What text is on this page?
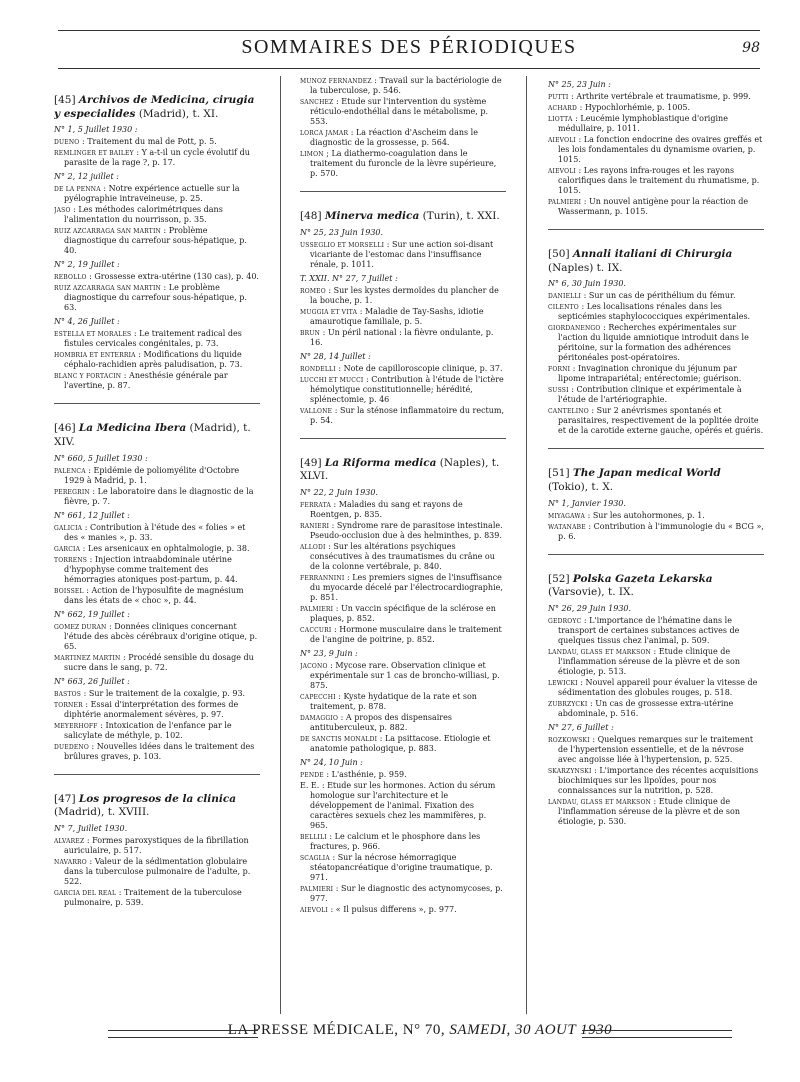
SOMMAIRES DES PÉRIODIQUES	98
[45] Archivos de Medicina, cirugia y especialides (Madrid), t. XI.
N° 1, 5 Juillet 1930 :
DUENO : Traitement du mal de Pott, p. 5.
REMLINGER ET BAILEY : Y a-t-il un cycle évolutif du parasite de la rage ?, p. 17.
N° 2, 12 juillet :
DE LA PENNA : Notre expérience actuelle sur la pyélographie intraveineuse, p. 25.
JASO : Les méthodes calorimétriques dans l'alimentation du nourrisson, p. 35.
RUIZ AZCARRAGA SAN MARTIN : Problème diagnostique du carrefour sous-hépatique, p. 40.
N° 2, 19 Juillet :
REBOLLO : Grossesse extra-utérine (130 cas), p. 40.
RUIZ AZCARRAGA SAN MARTIN : Le problème diagnostique du carrefour sous-hépatique, p. 63.
N° 4, 26 Juillet :
ESTELLA ET MORALES : Le traitement radical des fistules cervicales congénitales, p. 73.
HOMBRIA ET ENTERRIA : Modifications du liquide céphalo-rachidien après paludisation, p. 73.
BLANC Y FORTACIN : Anesthésie générale par l'avertine, p. 87.
[46] La Medicina Ibera (Madrid), t. XIV.
N° 660, 5 Juillet 1930 :
PALENCA : Epidémie de poliomyélite d'Octobre 1929 à Madrid, p. 1.
PEREGRIN : Le laboratoire dans le diagnostic de la fièvre, p. 7.
N° 661, 12 Juillet :
GALICIA : Contribution à l'étude des « folies » et des « manies », p. 33.
GARCIA : Les arsenicaux en ophtalmologie, p. 38.
TORRENS : Injection intraabdominale utérine d'hypophyse comme traitement des hémorragies atoniques post-partum, p. 44.
BOISSEL : Action de l'hyposulfite de magnésium dans les états de « choc », p. 44.
N° 662, 19 Juillet :
GOMEZ DURAN : Données cliniques concernant l'étude des abcès cérébraux d'origine otique, p. 65.
MARTINEZ MARTIN : Procédé sensible du dosage du sucre dans le sang, p. 72.
N° 663, 26 Juillet :
BASTOS : Sur le traitement de la coxalgie, p. 93.
TORNER : Essai d'interprétation des formes de diphtérie anormalement sévères, p. 97.
MEYERHOFF : Intoxication de l'enfance par le salicylate de méthyle, p. 102.
DUEDENO : Nouvelles idées dans le traitement des brûlures graves, p. 103.
[47] Los progresos de la clinica (Madrid), t. XVIII.
N° 7, Juillet 1930.
ALVAREZ : Formes paroxystiques de la fibrillation auriculaire, p. 517.
NAVARRO : Valeur de la sédimentation globulaire dans la tuberculose pulmonaire de l'adulte, p. 522.
GARCIA DEL REAL : Traitement de la tuberculose pulmonaire, p. 539.
MUNOZ FERNANDEZ : Travail sur la bactériologie de la tuberculose, p. 546.
SANCHEZ : Etude sur l'intervention du système réticulo-endothélial dans le métabolisme, p. 553.
LORCA JAMAR : La réaction d'Ascheim dans le diagnostic de la grossesse, p. 564.
LIMON ; La diathermo-coagulation dans le traitement du furoncle de la lèvre supérieure, p. 570.
[48] Minerva medica (Turin), t. XXI.
N° 25, 23 Juin 1930.
USSEGLIO ET MORSELLI : Sur une action soi-disant vicariante de l'estomac dans l'insuffisance rénale, p. 1011.
T. XXII. N° 27, 7 Juillet :
ROMEO : Sur les kystes dermoïdes du plancher de la bouche, p. 1.
MUGGIA ET VITA : Maladie de Tay-Sashs, idiotie amaurotique familiale, p. 5.
BRUN : Un péril national : la fièvre ondulante, p. 16.
N° 28, 14 Juillet :
RONDELLI : Note de capilloroscopie clinique, p. 37.
LUCCHI ET MUCCI : Contribution à l'étude de l'ictère hémolytique constitutionnelle; hérédité, splénectomie, p. 46
VALLONE : Sur la sténose inflammatoire du rectum, p. 54.
[49] La Riforma medica (Naples), t. XLVI.
N° 22, 2 Juin 1930.
FERRATA : Maladies du sang et rayons de Roentgen, p. 835.
RANIERI : Syndrome rare de parasitose intestinale. Pseudo-occlusion due à des helminthes, p. 839.
ALLODI : Sur les altérations psychiques consécutives à des traumatismes du crâne ou de la colonne vertébrale, p. 840.
FERRANNINI : Les premiers signes de l'insuffisance du myocarde décelé par l'électrocardiographie, p. 851.
PALMIERI : Un vaccin spécifique de la sclérose en plaques, p. 852.
CACCURI : Hormone musculaire dans le traitement de l'angine de poitrine, p. 852.
N° 23, 9 Juin :
JACONO : Mycose rare. Observation clinique et expérimentale sur 1 cas de broncho-williasi, p. 875.
CAPECCHI : Kyste hydatique de la rate et son traitement, p. 878.
DAMAGGIO : A propos des dispensaires antituberculeux, p. 882.
DE SANCTIS MONALDI : La psittacose. Etiologie et anatomie pathologique, p. 883.
N° 24, 10 Juin :
PENDE : L'asthénie, p. 959.
E. E. : Etude sur les hormones. Action du sérum homologue sur l'architecture et le développement de l'animal. Fixation des caractères sexuels chez les mammifères, p. 965.
BELLILI : Le calcium et le phosphore dans les fractures, p. 966.
SCAGLIA : Sur la nécrose hémorragique stéatopancréatique d'origine traumatique, p. 971.
PALMIERI : Sur le diagnostic des actynomycoses, p. 977.
AIEVOLI : « Il pulsus differens », p. 977.
N° 25, 23 Juin :
PUTTI : Arthrite vertébrale et traumatisme, p. 999.
ACHARD : Hypochlorhémie, p. 1005.
LIOTTA : Leucémie lymphoblastique d'origine médullaire, p. 1011.
AIEVOLI : La fonction endocrine des ovaires greffés et les lois fondamentales du dynamisme ovarien, p. 1015.
AIEVOLI : Les rayons infra-rouges et les rayons calorifiques dans le traitement du rhumatisme, p. 1015.
PALMIERI : Un nouvel antigène pour la réaction de Wassermann, p. 1015.
[50] Annali italiani di Chirurgia (Naples) t. IX.
N° 6, 30 Juin 1930.
DANIELLI : Sur un cas de périthélium du fémur.
CILENTO : Les localisations rénales dans les septicémies staphylococciques expérimentales.
GIORDANENGO : Recherches expérimentales sur l'action du liquide amniotique introduit dans le péritoine, sur la formation des adhérences péritonéales post-opératoires.
FORNI : Invagination chronique du jéjunum par lipome intrapariétal; entérectomie; guérison.
SUSSI : Contribution clinique et expérimentale à l'étude de l'artériographie.
CANTELINO : Sur 2 anévrismes spontanés et parasitaires, respectivement de la poplitée droite et de la carotide externe gauche, opérés et guéris.
[51] The Japan medical World (Tokio), t. X.
N° 1, Janvier 1930.
MIYAGAWA : Sur les autohormones, p. 1.
WATANABE : Contribution à l'immunologie du « BCG », p. 6.
[52] Polska Gazeta Lekarska (Varsovie), t. IX.
N° 26, 29 Juin 1930.
GEDROYC : L'importance de l'hématine dans le transport de certaines substances actives de quelques tissus chez l'animal, p. 509.
LANDAU, GLASS ET MARKSON : Etude clinique de l'inflammation séreuse de la plèvre et de son étiologie, p. 513.
LEWICKI : Nouvel appareil pour évaluer la vitesse de sédimentation des globules rouges, p. 518.
ZUBRZYCKI : Un cas de grossesse extra-utérine abdominale, p. 516.
N° 27, 6 Juillet :
ROZKOWSKI : Quelques remarques sur le traitement de l'hypertension essentielle, et de la névrose avec angoisse liée à l'hypertension, p. 525.
SKARZYNSKI : L'importance des récentes acquisitions biochimiques sur les lipoïdes, pour nos connaissances sur la nutrition, p. 528.
LANDAU, GLASS ET MARKSON : Etude clinique de l'inflammation séreuse de la plèvre et de son étiologie, p. 530.
LA PRESSE MÉDICALE, N° 70, SAMEDI, 30 AOUT 1930
